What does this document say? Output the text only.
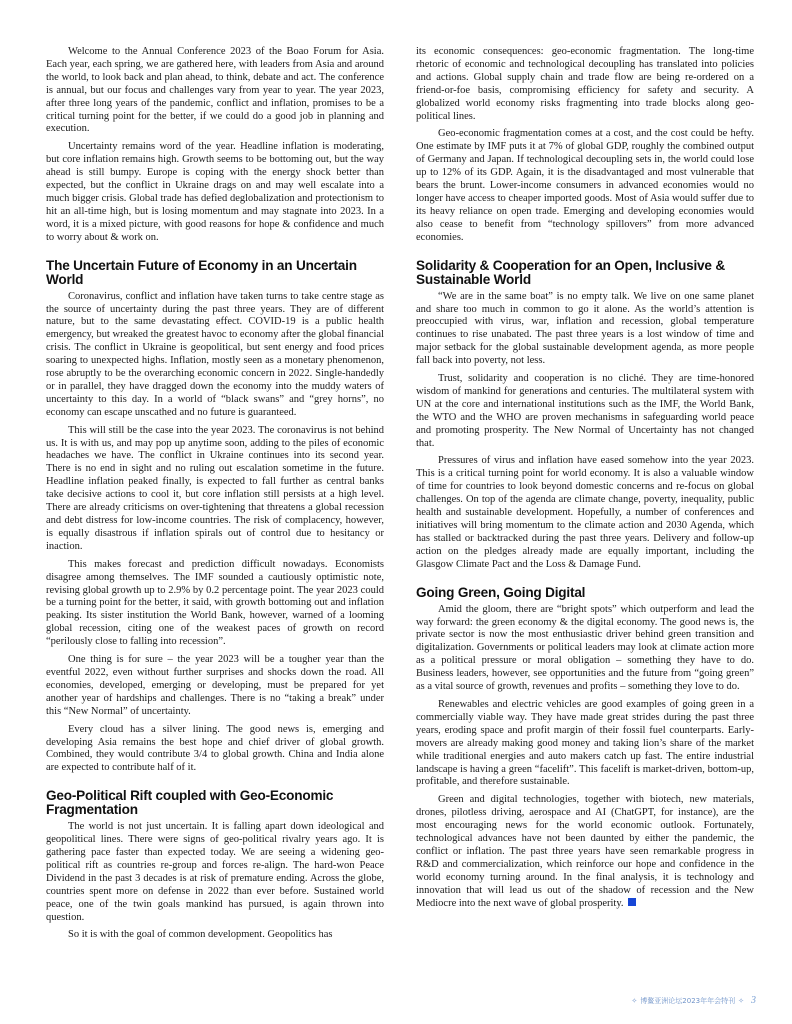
Welcome to the Annual Conference 2023 of the Boao Forum for Asia. Each year, each spring, we are gathered here, with leaders from Asia and around the world, to look back and plan ahead, to think, debate and act. The conference is annual, but our focus and challenges vary from year to year. The year 2023, after three long years of the pandemic, conflict and inflation, promises to be a critical turning point for the better, if we could do a good job in planning and execution.

Uncertainty remains word of the year. Headline inflation is moderating, but core inflation remains high. Growth seems to be bottoming out, but the way ahead is still bumpy. Europe is coping with the energy shock better than expected, but the conflict in Ukraine drags on and may well escalate into a much bigger crisis. Global trade has defied deglobalization and protectionism to hit an all-time high, but is losing momentum and may stagnate into 2023. In a word, it is a mixed picture, with good reasons for hope & confidence and much to worry about & work on.

The Uncertain Future of Economy in an Uncertain World

Coronavirus, conflict and inflation have taken turns to take centre stage as the source of uncertainty during the past three years. They are of different nature, but to the same devastating effect. COVID-19 is a public health emergency, but wreaked the greatest havoc to economy after the global financial crisis. The conflict in Ukraine is geopolitical, but sent energy and food prices soaring to unexpected highs. Inflation, mostly seen as a monetary phenomenon, rose abruptly to be the overarching economic concern in 2022. Single-handedly or in parallel, they have dragged down the economy into the muddy waters of uncertainty to this day. In a world of “black swans” and “grey horns”, no economy can escape unscathed and no future is guaranteed.

This will still be the case into the year 2023. The coronavirus is not behind us. It is with us, and may pop up anytime soon, adding to the piles of economic headaches we have. The conflict in Ukraine continues into its second year. There is no end in sight and no ruling out escalation sometime in the future. Headline inflation peaked finally, is expected to fall further as central banks take decisive actions to cool it, but core inflation still persists at a high level. There are already criticisms on over-tightening that threatens a global recession and debt distress for low-income countries. The risk of complacency, however, is equally disastrous if inflation spirals out of control due to hesitancy or inaction.

This makes forecast and prediction difficult nowadays. Economists disagree among themselves. The IMF sounded a cautiously optimistic note, revising global growth up to 2.9% by 0.2 percentage point. The year 2023 could be a turning point for the better, it said, with growth bottoming out and inflation peaking. Its sister institution the World Bank, however, warned of a looming global recession, citing one of the weakest paces of growth on record “perilously close to falling into recession”.

One thing is for sure – the year 2023 will be a tougher year than the eventful 2022, even without further surprises and shocks down the road. All economies, developed, emerging or developing, must be prepared for yet another year of hardships and challenges. There is no “taking a break” under this “New Normal” of uncertainty.

Every cloud has a silver lining. The good news is, emerging and developing Asia remains the best hope and chief driver of global growth. Combined, they would contribute 3/4 to global growth. China and India alone are expected to contribute half of it.

Geo-Political Rift coupled with Geo-Economic Fragmentation

The world is not just uncertain. It is falling apart down ideological and geopolitical lines. There were signs of geo-political rivalry years ago. It is gathering pace faster than expected today. We are seeing a widening geo-political rift as countries re-group and forces re-align. The hard-won Peace Dividend in the past 3 decades is at risk of premature ending. Across the globe, countries spent more on defense in 2022 than ever before. Sustained world peace, one of the twin goals mankind has pursued, is again thrown into question.

So it is with the goal of common development. Geopolitics has

its economic consequences: geo-economic fragmentation. The long-time rhetoric of economic and technological decoupling has translated into policies and actions. Global supply chain and trade flow are being re-ordered on a friend-or-foe basis, compromising efficiency for safety and security. A globalized world economy risks fragmenting into trade blocks along geo-political lines.

Geo-economic fragmentation comes at a cost, and the cost could be hefty. One estimate by IMF puts it at 7% of global GDP, roughly the combined output of Germany and Japan. If technological decoupling sets in, the world could lose up to 12% of its GDP. Again, it is the disadvantaged and most vulnerable that bears the brunt. Lower-income consumers in advanced economies would no longer have access to cheaper imported goods. Most of Asia would suffer due to its heavy reliance on open trade. Emerging and developing economies would also cease to benefit from “technology spillovers” from more advanced economies.

Solidarity & Cooperation for an Open, Inclusive & Sustainable World

“We are in the same boat” is no empty talk. We live on one same planet and share too much in common to go it alone. As the world’s attention is preoccupied with virus, war, inflation and recession, global temperature continues to rise unabated. The past three years is a lost window of time and major setback for the global sustainable development agenda, as more people fall back into poverty, not less.

Trust, solidarity and cooperation is no cliché. They are time-honored wisdom of mankind for generations and centuries. The multilateral system with UN at the core and international institutions such as the IMF, the World Bank, the WTO and the WHO are proven mechanisms in safeguarding world peace and promoting prosperity. The New Normal of Uncertainty has not changed that.

Pressures of virus and inflation have eased somehow into the year 2023. This is a critical turning point for world economy. It is also a valuable window of time for countries to look beyond domestic concerns and re-focus on global challenges. On top of the agenda are climate change, poverty, inequality, public health and sustainable development. Hopefully, a number of conferences and initiatives will bring momentum to the climate action and 2030 Agenda, which has stalled or backtracked during the past three years. Delivery and follow-up action on the pledges already made are equally important, including the Glasgow Climate Pact and the Loss & Damage Fund.

Going Green, Going Digital

Amid the gloom, there are “bright spots” which outperform and lead the way forward: the green economy & the digital economy. The good news is, the private sector is now the most enthusiastic driver behind green transition and digitalization. Governments or political leaders may look at climate action more as a political pressure or moral obligation – something they have to do. Business leaders, however, see opportunities and the future from “going green” as a vital source of growth, revenues and profits – something they love to do.

Renewables and electric vehicles are good examples of going green in a commercially viable way. They have made great strides during the past three years, eroding space and profit margin of their fossil fuel counterparts. Early-movers are already making good money and taking lion’s share of the market while traditional energies and auto makers catch up fast. The entire industrial landscape is having a green “facelift”. This facelift is market-driven, bottom-up, profitable, and therefore sustainable.

Green and digital technologies, together with biotech, new materials, drones, pilotless driving, aerospace and AI (ChatGPT, for instance), are the most encouraging news for the world economic outlook. Fortunately, technological advances have not been daunted by either the pandemic, the conflict or inflation. The past three years have seen remarkable progress in R&D and commercialization, which reinforce our hope and confidence in the world economy turning around. In the final analysis, it is technology and innovation that will lead us out of the shadow of recession and the New Mediocre into the next wave of global prosperity.

✧ 博鳌亚洲论坛2023年年会特刊 ✧ 3
